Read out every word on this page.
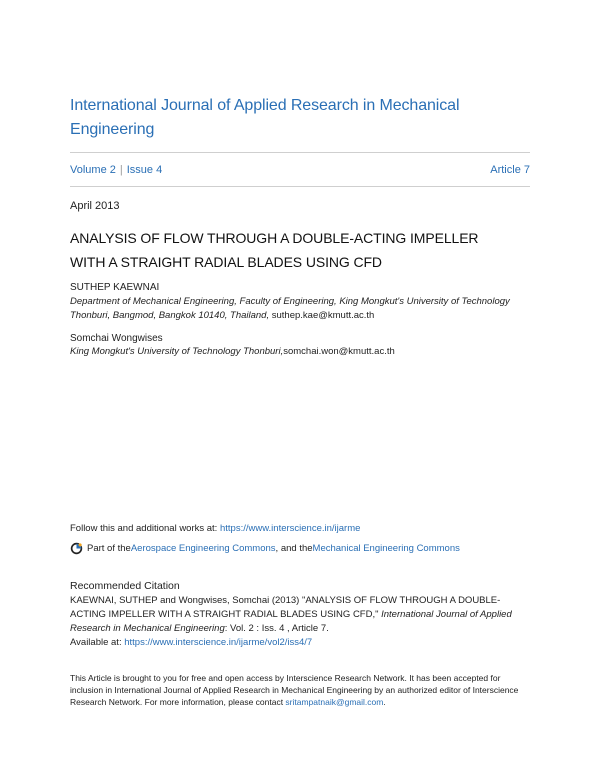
International Journal of Applied Research in Mechanical Engineering
Volume 2 | Issue 4	Article 7
April 2013
ANALYSIS OF FLOW THROUGH A DOUBLE-ACTING IMPELLER
WITH A STRAIGHT RADIAL BLADES USING CFD
SUTHEP KAEWNAI
Department of Mechanical Engineering, Faculty of Engineering, King Mongkut's University of Technology Thonburi, Bangmod, Bangkok 10140, Thailand, suthep.kae@kmutt.ac.th
Somchai Wongwises
King Mongkut's University of Technology Thonburi,somchai.won@kmutt.ac.th
Follow this and additional works at: https://www.interscience.in/ijarme
Part of the Aerospace Engineering Commons , and the Mechanical Engineering Commons
Recommended Citation
KAEWNAI, SUTHEP and Wongwises, Somchai (2013) "ANALYSIS OF FLOW THROUGH A DOUBLE-ACTING IMPELLER WITH A STRAIGHT RADIAL BLADES USING CFD," International Journal of Applied Research in Mechanical Engineering: Vol. 2 : Iss. 4 , Article 7.
Available at: https://www.interscience.in/ijarme/vol2/iss4/7
This Article is brought to you for free and open access by Interscience Research Network. It has been accepted for inclusion in International Journal of Applied Research in Mechanical Engineering by an authorized editor of Interscience Research Network. For more information, please contact sritampatnaik@gmail.com.
